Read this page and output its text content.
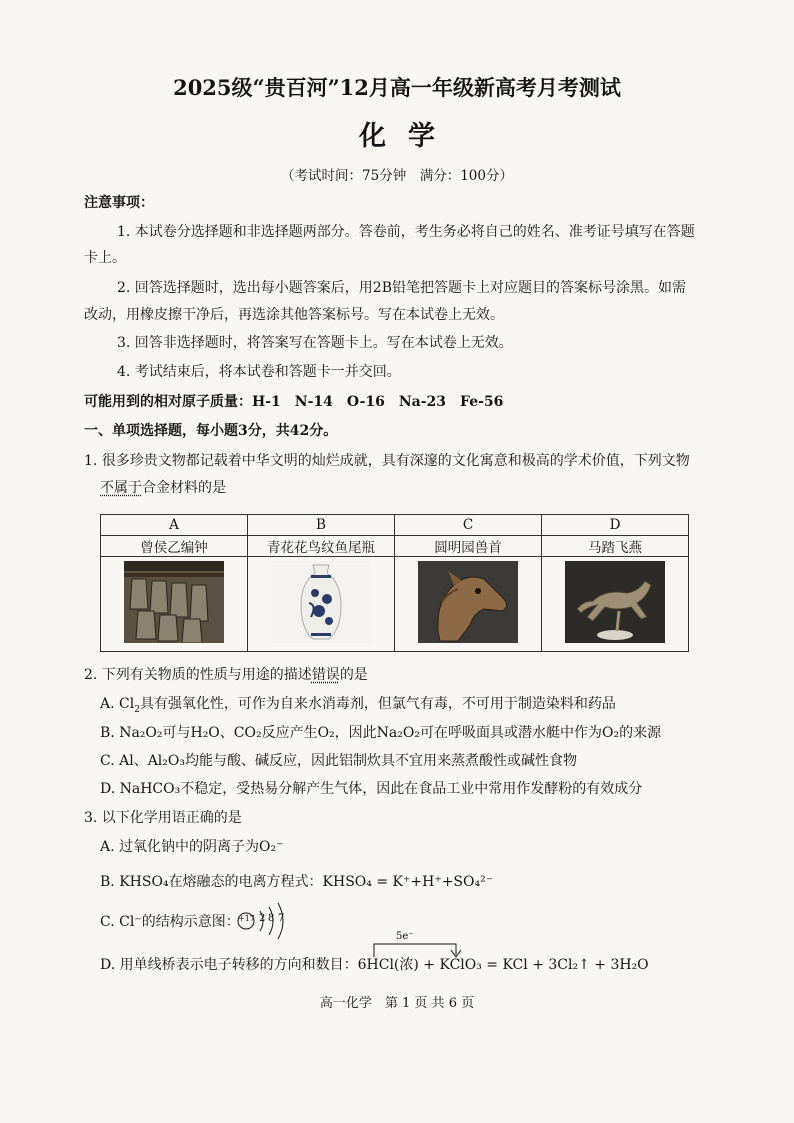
2025级“贵百河”12月高一年级新高考月考测试
化学
（考试时间：75分钟　满分：100分）
注意事项：
1. 本试卷分选择题和非选择题两部分。答卷前，考生务必将自己的姓名、准考证号填写在答题
卡上。
2. 回答选择题时，选出每小题答案后，用2B铅笔把答题卡上对应题目的答案标号涂黑。如需
改动，用橡皮擦干净后，再选涂其他答案标号。写在本试卷上无效。
3. 回答非选择题时，将答案写在答题卡上。写在本试卷上无效。
4. 考试结束后，将本试卷和答题卡一并交回。
可能用到的相对原子质量：H-1　N-14　O-16　Na-23　Fe-56
一、单项选择题，每小题3分，共42分。
1. 很多珍贵文物都记载着中华文明的灿烂成就，具有深邃的文化寓意和极高的学术价值，下列文物
不属于合金材料的是
A	B	C	D
曾侯乙编钟	青花花鸟纹鱼尾瓶	圆明园兽首	马踏飞燕

2. 下列有关物质的性质与用途的描述错误的是
A. $Cl_2$具有强氧化性，可作为自来水消毒剂，但氯气有毒，不可用于制造染料和药品
B. Na₂O₂可与H₂O、CO₂反应产生O₂，因此Na₂O₂可在呼吸面具或潜水艇中作为O₂的来源
C. Al、Al₂O₃均能与酸、碱反应，因此铝制炊具不宜用来蒸煮酸性或碱性食物
D. NaHCO₃不稳定，受热易分解产生气体，因此在食品工业中常用作发酵粉的有效成分
3. 以下化学用语正确的是
A. 过氧化钠中的阴离子为O₂⁻
B. KHSO₄在熔融态的电离方程式：KHSO₄ = K⁺+H⁺+SO₄²⁻
C. Cl⁻的结构示意图：
+17 2 8 7
5e⁻
D. 用单线桥表示电子转移的方向和数目：6HCl(浓) + KClO₃ = KCl + 3Cl₂↑ + 3H₂O
高一化学　第 1 页 共 6 页
